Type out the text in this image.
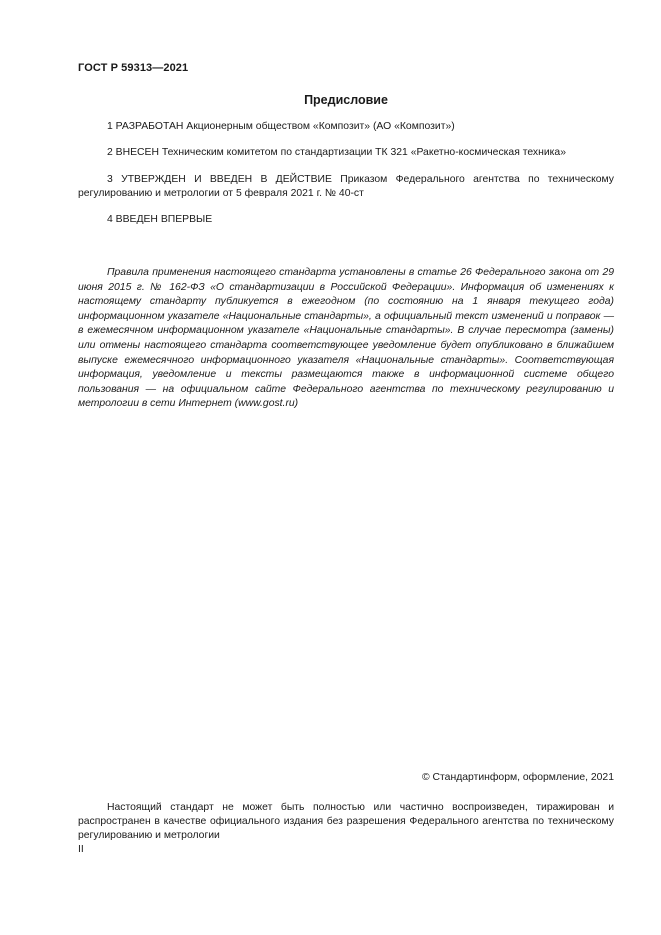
ГОСТ Р 59313—2021
Предисловие

1 РАЗРАБОТАН Акционерным обществом «Композит» (АО «Композит»)

2 ВНЕСЕН Техническим комитетом по стандартизации ТК 321 «Ракетно-космическая техника»

3 УТВЕРЖДЕН И ВВЕДЕН В ДЕЙСТВИЕ Приказом Федерального агентства по техническому регулированию и метрологии от 5 февраля 2021 г. № 40-ст

4 ВВЕДЕН ВПЕРВЫЕ

Правила применения настоящего стандарта установлены в статье 26 Федерального закона от 29 июня 2015 г. № 162-ФЗ «О стандартизации в Российской Федерации». Информация об изменениях к настоящему стандарту публикуется в ежегодном (по состоянию на 1 января текущего года) информационном указателе «Национальные стандарты», а официальный текст изменений и поправок — в ежемесячном информационном указателе «Национальные стандарты». В случае пересмотра (замены) или отмены настоящего стандарта соответствующее уведомление будет опубликовано в ближайшем выпуске ежемесячного информационного указателя «Национальные стандарты». Соответствующая информация, уведомление и тексты размещаются также в информационной системе общего пользования — на официальном сайте Федерального агентства по техническому регулированию и метрологии в сети Интернет (www.gost.ru)

© Стандартинформ, оформление, 2021

Настоящий стандарт не может быть полностью или частично воспроизведен, тиражирован и распространен в качестве официального издания без разрешения Федерального агентства по техническому регулированию и метрологии

II
